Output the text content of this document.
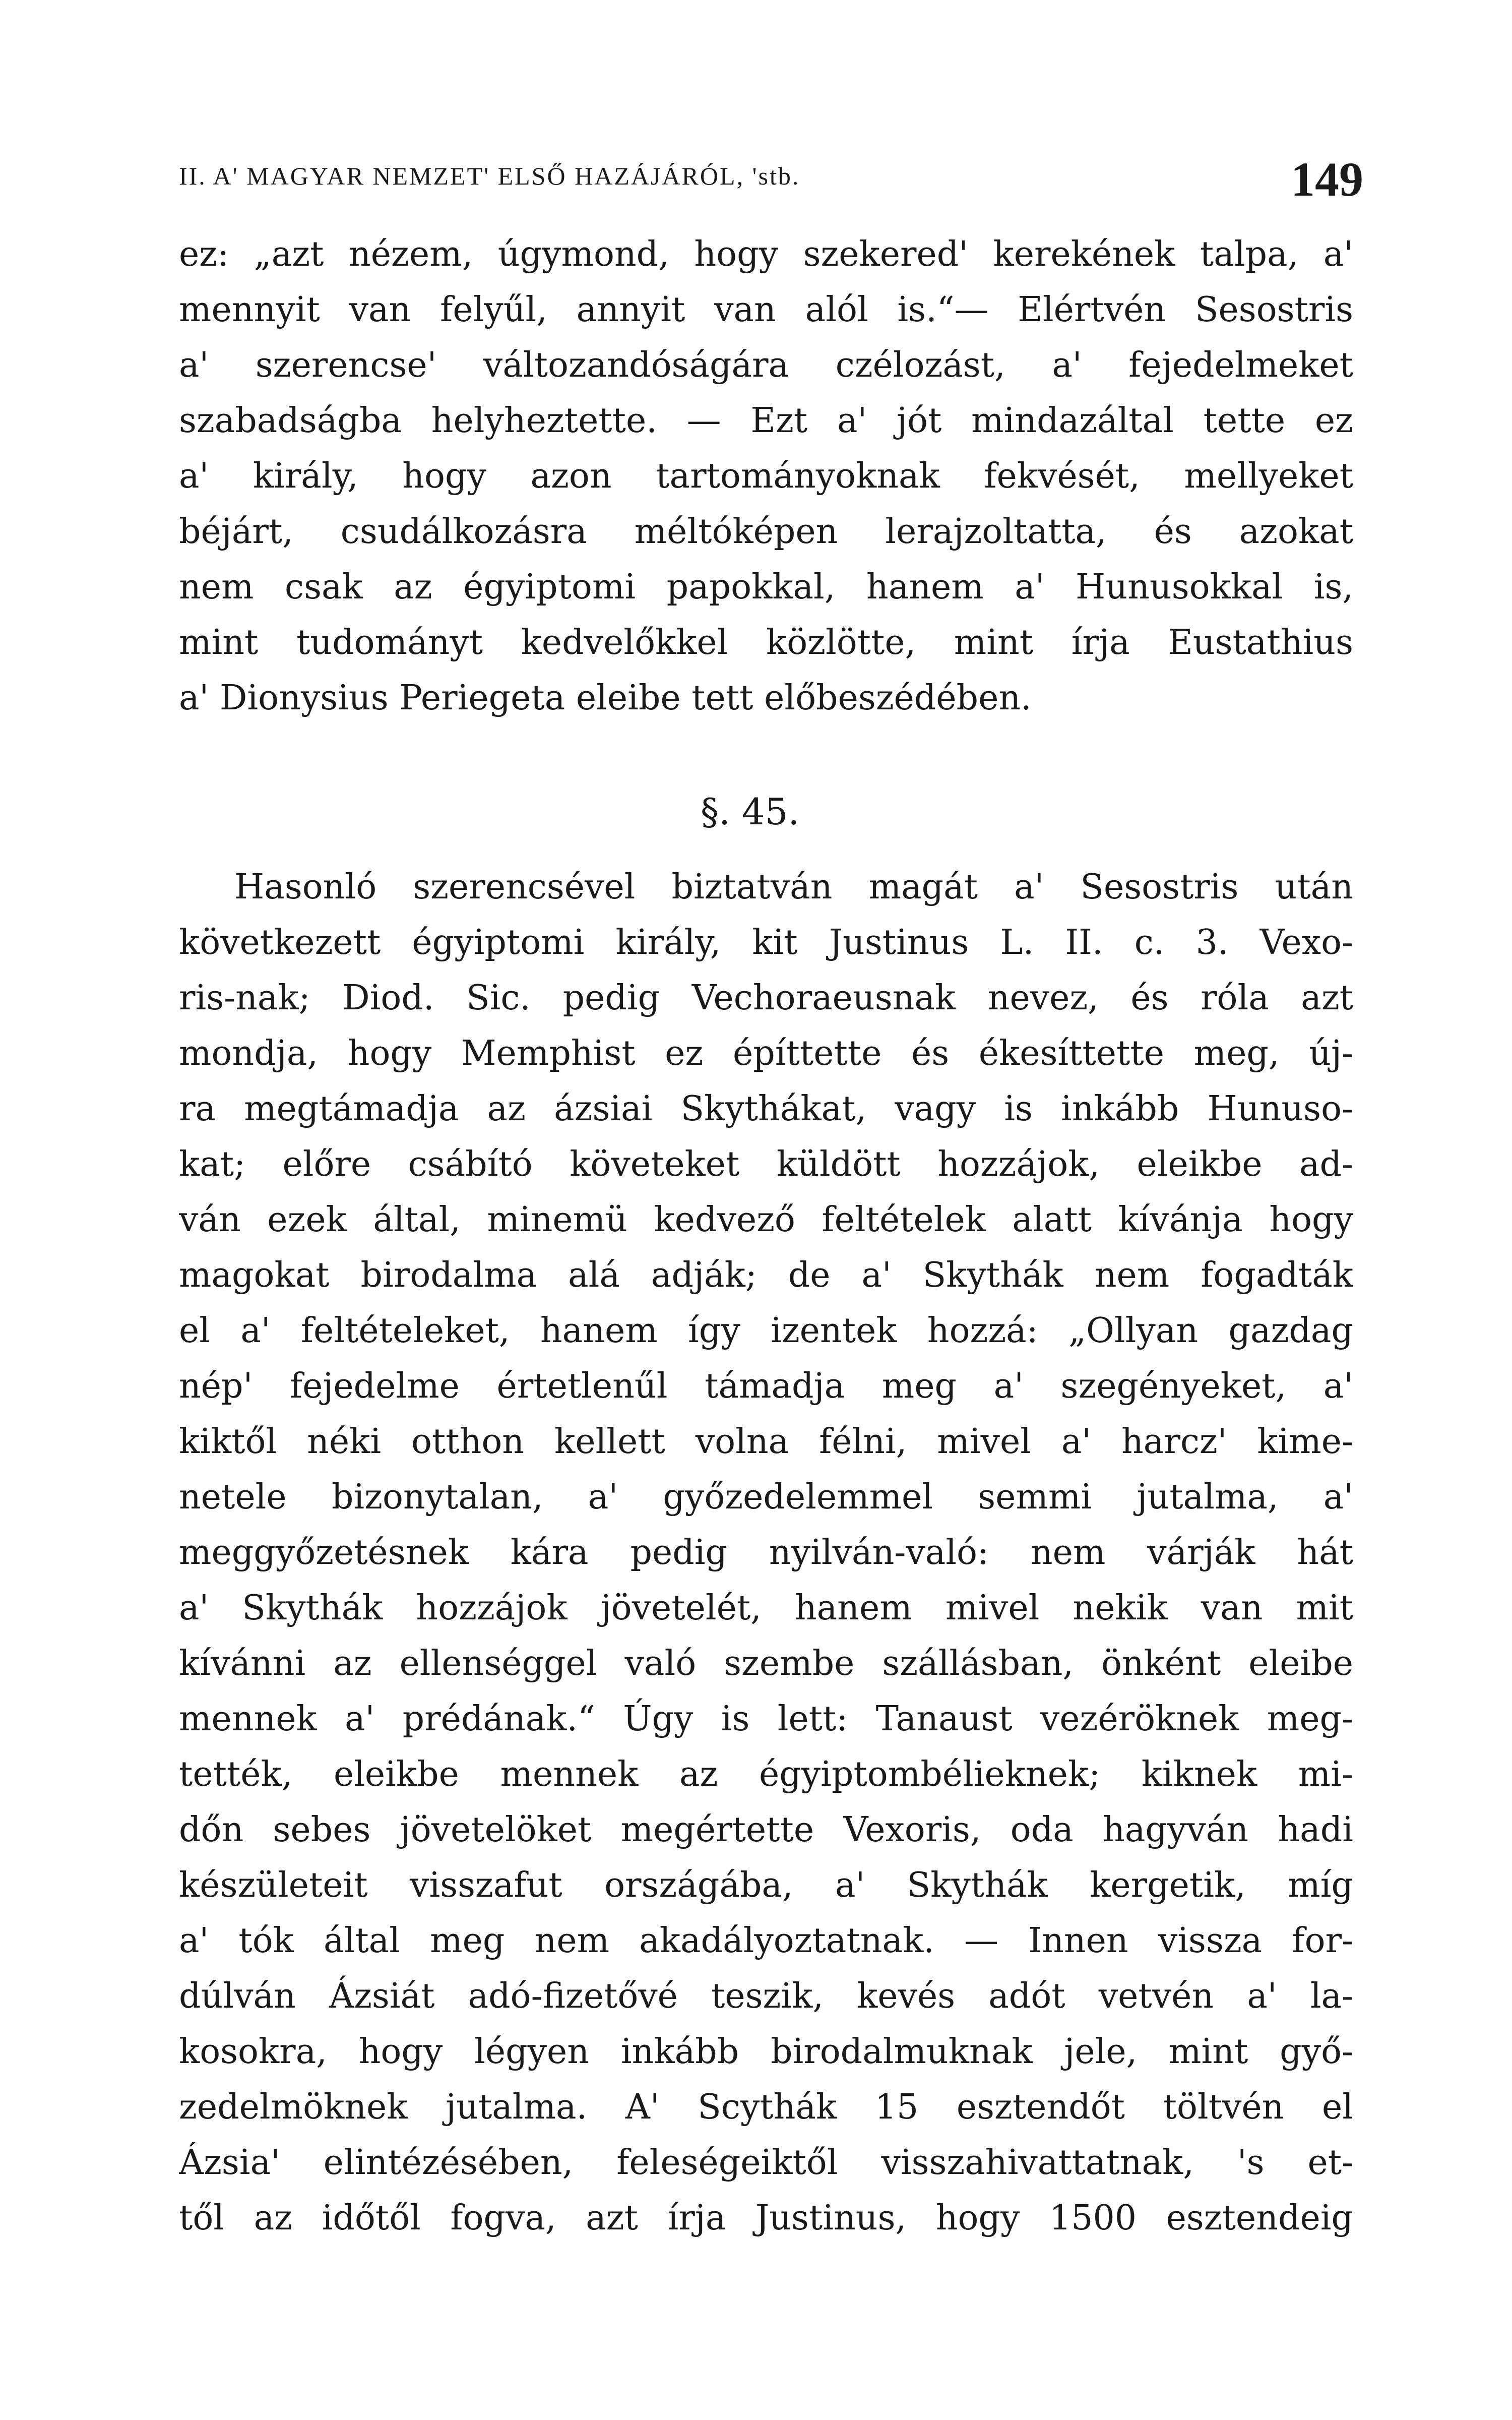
II. A' MAGYAR NEMZET' ELSŐ HAZÁJÁRÓL, 'stb.	149
ez: „azt nézem, úgymond, hogy szekered' kerekének talpa, a'
mennyit van felyűl, annyit van alól is.“— Elértvén Sesostris
a' szerencse' változandóságára czélozást, a' fejedelmeket
szabadságba helyheztette. — Ezt a' jót mindazáltal tette ez
a' király, hogy azon tartományoknak fekvését, mellyeket
béjárt, csudálkozásra méltóképen lerajzoltatta, és azokat
nem csak az égyiptomi papokkal, hanem a' Hunusokkal is,
mint tudományt kedvelőkkel közlötte, mint írja Eustathius
a' Dionysius Periegeta eleibe tett előbeszédében.
§. 45.
Hasonló szerencsével biztatván magát a' Sesostris után
következett égyiptomi király, kit Justinus L. II. c. 3. Vexo-
ris-nak; Diod. Sic. pedig Vechoraeusnak nevez, és róla azt
mondja, hogy Memphist ez építtette és ékesíttette meg, új-
ra megtámadja az ázsiai Skythákat, vagy is inkább Hunuso-
kat; előre csábító követeket küldött hozzájok, eleikbe ad-
ván ezek által, minemü kedvező feltételek alatt kívánja hogy
magokat birodalma alá adják; de a' Skythák nem fogadták
el a' feltételeket, hanem így izentek hozzá: „Ollyan gazdag
nép' fejedelme értetlenűl támadja meg a' szegényeket, a'
kiktől néki otthon kellett volna félni, mivel a' harcz' kime-
netele bizonytalan, a' győzedelemmel semmi jutalma, a'
meggyőzetésnek kára pedig nyilván-való: nem várják hát
a' Skythák hozzájok jövetelét, hanem mivel nekik van mit
kívánni az ellenséggel való szembe szállásban, önként eleibe
mennek a' prédának.“ Úgy is lett: Tanaust vezéröknek meg-
tették, eleikbe mennek az égyiptombélieknek; kiknek mi-
dőn sebes jövetelöket megértette Vexoris, oda hagyván hadi
készületeit visszafut országába, a' Skythák kergetik, míg
a' tók által meg nem akadályoztatnak. — Innen vissza for-
dúlván Ázsiát adó-fizetővé teszik, kevés adót vetvén a' la-
kosokra, hogy légyen inkább birodalmuknak jele, mint győ-
zedelmöknek jutalma. A' Scythák 15 esztendőt töltvén el
Ázsia' elintézésében, feleségeiktől visszahivattatnak, 's et-
től az időtől fogva, azt írja Justinus, hogy 1500 esztendeig
